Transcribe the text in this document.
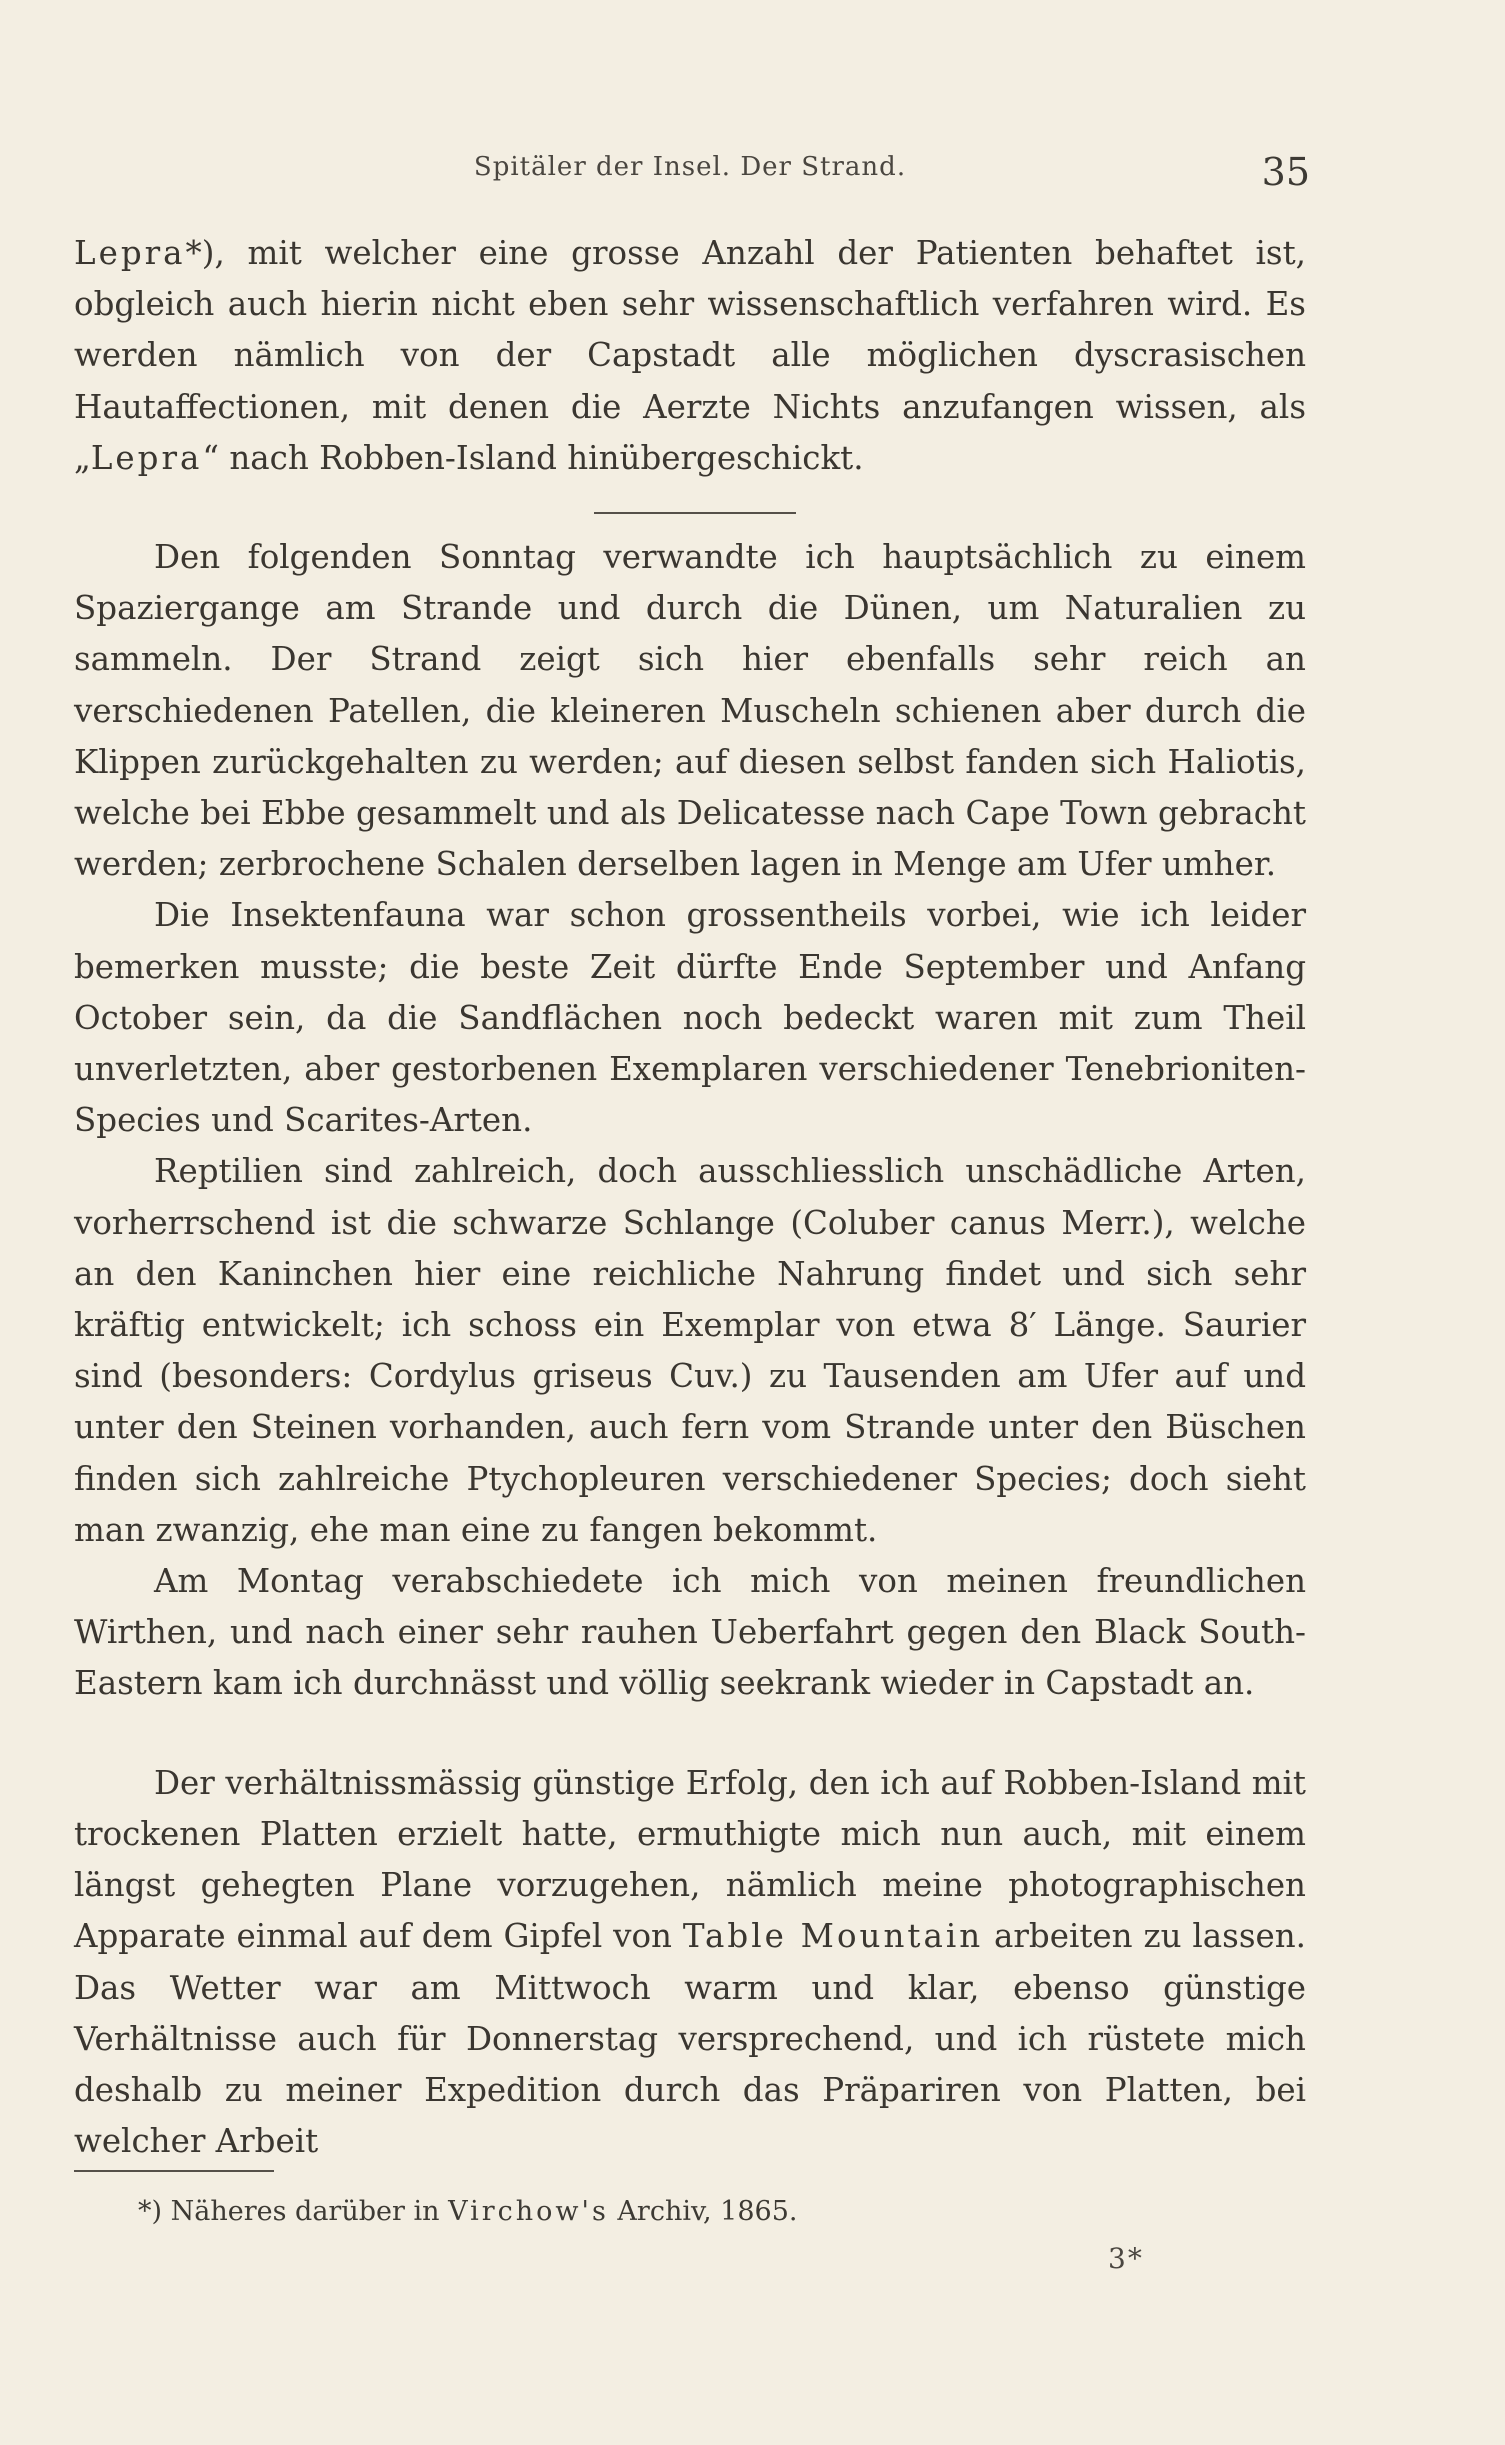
Spitäler der Insel. Der Strand.	35

Lepra*), mit welcher eine grosse Anzahl der Patienten behaftet ist, obgleich auch hierin nicht eben sehr wissenschaftlich verfahren wird. Es werden nämlich von der Capstadt alle möglichen dyscrasischen Hautaffectionen, mit denen die Aerzte Nichts anzufangen wissen, als „Lepra“ nach Robben-Island hinübergeschickt.

Den folgenden Sonntag verwandte ich hauptsächlich zu einem Spaziergange am Strande und durch die Dünen, um Naturalien zu sammeln. Der Strand zeigt sich hier ebenfalls sehr reich an verschiedenen Patellen, die kleineren Muscheln schienen aber durch die Klippen zurückgehalten zu werden; auf diesen selbst fanden sich Haliotis, welche bei Ebbe gesammelt und als Delicatesse nach Cape Town gebracht werden; zerbrochene Schalen derselben lagen in Menge am Ufer umher.

Die Insektenfauna war schon grossentheils vorbei, wie ich leider bemerken musste; die beste Zeit dürfte Ende September und Anfang October sein, da die Sandflächen noch bedeckt waren mit zum Theil unverletzten, aber gestorbenen Exemplaren verschiedener Tenebrioniten-Species und Scarites-Arten.

Reptilien sind zahlreich, doch ausschliesslich unschädliche Arten, vorherrschend ist die schwarze Schlange (Coluber canus Merr.), welche an den Kaninchen hier eine reichliche Nahrung findet und sich sehr kräftig entwickelt; ich schoss ein Exemplar von etwa 8′ Länge. Saurier sind (besonders: Cordylus griseus Cuv.) zu Tausenden am Ufer auf und unter den Steinen vorhanden, auch fern vom Strande unter den Büschen finden sich zahlreiche Ptychopleuren verschiedener Species; doch sieht man zwanzig, ehe man eine zu fangen bekommt.

Am Montag verabschiedete ich mich von meinen freundlichen Wirthen, und nach einer sehr rauhen Ueberfahrt gegen den Black South-Eastern kam ich durchnässt und völlig seekrank wieder in Capstadt an.

Der verhältnissmässig günstige Erfolg, den ich auf Robben-Island mit trockenen Platten erzielt hatte, ermuthigte mich nun auch, mit einem längst gehegten Plane vorzugehen, nämlich meine photographischen Apparate einmal auf dem Gipfel von Table Mountain arbeiten zu lassen. Das Wetter war am Mittwoch warm und klar, ebenso günstige Verhältnisse auch für Donnerstag versprechend, und ich rüstete mich deshalb zu meiner Expedition durch das Präpariren von Platten, bei welcher Arbeit

*) Näheres darüber in Virchow's Archiv, 1865.
3*
